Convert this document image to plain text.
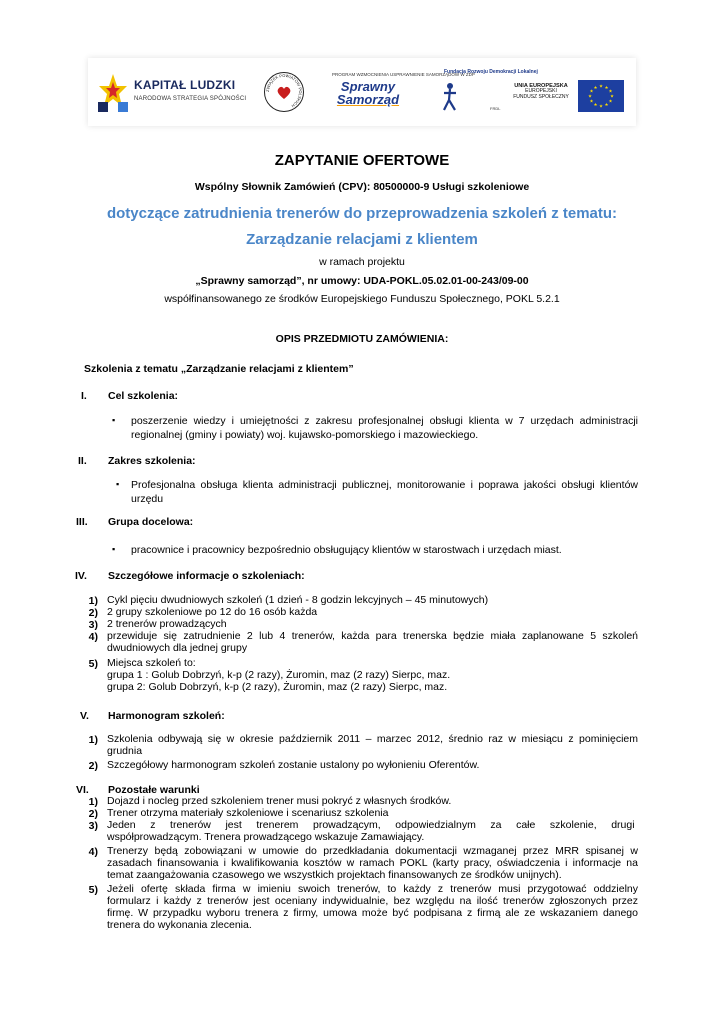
KAPITAŁ LUDZKI
NARODOWA STRATEGIA SPÓJNOŚCI
ZWIĄZEK POWIATÓW POLSKICH
PROGRAM WZMOCNIENIA USPRAWNIENIE SAMORZĄDÓW W ZDP
Sprawny
Samorząd
Fundacja Rozwoju Demokracji Lokalnej
FRDL
UNIA EUROPEJSKA
EUROPEJSKI
FUNDUSZ SPOŁECZNY
★ ★
★
★
★
★
★
★
★
★
★
★
ZAPYTANIE OFERTOWE
Wspólny Słownik Zamówień (CPV): 80500000-9 Usługi szkoleniowe
dotyczące zatrudnienia trenerów do przeprowadzenia szkoleń z tematu:
Zarządzanie relacjami z klientem
w ramach projektu
„Sprawny samorząd”, nr umowy: UDA-POKL.05.02.01-00-243/09-00
współfinansowanego ze środków Europejskiego Funduszu Społecznego, POKL 5.2.1
OPIS PRZEDMIOTU ZAMÓWIENIA:
Szkolenia z tematu „Zarządzanie relacjami z klientem”
I. Cel szkolenia:
▪ poszerzenie wiedzy i umiejętności z zakresu profesjonalnej obsługi klienta w 7 urzędach administracji
regionalnej (gminy i powiaty) woj. kujawsko-pomorskiego i mazowieckiego.
II. Zakres szkolenia:
▪ Profesjonalna obsługa klienta administracji publicznej, monitorowanie i poprawa jakości obsługi klientów
urzędu
III. Grupa docelowa:
▪ pracownice i pracownicy bezpośrednio obsługujący klientów w starostwach i urzędach miast.
IV. Szczegółowe informacje o szkoleniach:
1) Cykl pięciu dwudniowych szkoleń (1 dzień - 8 godzin lekcyjnych – 45 minutowych)
2) 2 grupy szkoleniowe po 12 do 16 osób każda
3) 2 trenerów prowadzących
4) przewiduje się zatrudnienie 2 lub 4 trenerów, każda para trenerska będzie miała zaplanowane 5 szkoleń
dwudniowych dla jednej grupy
5) Miejsca szkoleń to:
grupa 1 : Golub Dobrzyń, k-p (2 razy), Żuromin, maz (2 razy) Sierpc, maz.
grupa 2: Golub Dobrzyń, k-p (2 razy), Żuromin, maz (2 razy) Sierpc, maz.
V. Harmonogram szkoleń:
1) Szkolenia odbywają się w okresie październik 2011 – marzec 2012, średnio raz w miesiącu z pominięciem
grudnia
2) Szczegółowy harmonogram szkoleń zostanie ustalony po wyłonieniu Oferentów.
VI. Pozostałe warunki
1) Dojazd i nocleg przed szkoleniem trener musi pokryć z własnych środków.
2) Trener otrzyma materiały szkoleniowe i scenariusz szkolenia
3) Jeden     z     trenerów     jest     trenerem     prowadzącym,     odpowiedzialnym     za     całe     szkolenie,     drugi
współprowadzącym. Trenera prowadzącego wskazuje Zamawiający.
4) Trenerzy będą zobowiązani w umowie do przedkładania dokumentacji wzmaganej przez MRR spisanej w
zasadach finansowania i kwalifikowania kosztów w ramach POKL (karty pracy, oświadczenia i informacje na
temat zaangażowania czasowego we wszystkich projektach finansowanych ze środków unijnych).
5) Jeżeli ofertę składa firma w imieniu swoich trenerów, to każdy z trenerów musi przygotować oddzielny
formularz i każdy z trenerów jest oceniany indywidualnie, bez względu na ilość trenerów zgłoszonych przez
firmę. W przypadku wyboru trenera z firmy, umowa może być podpisana z firmą ale ze wskazaniem danego
trenera do wykonania zlecenia.
